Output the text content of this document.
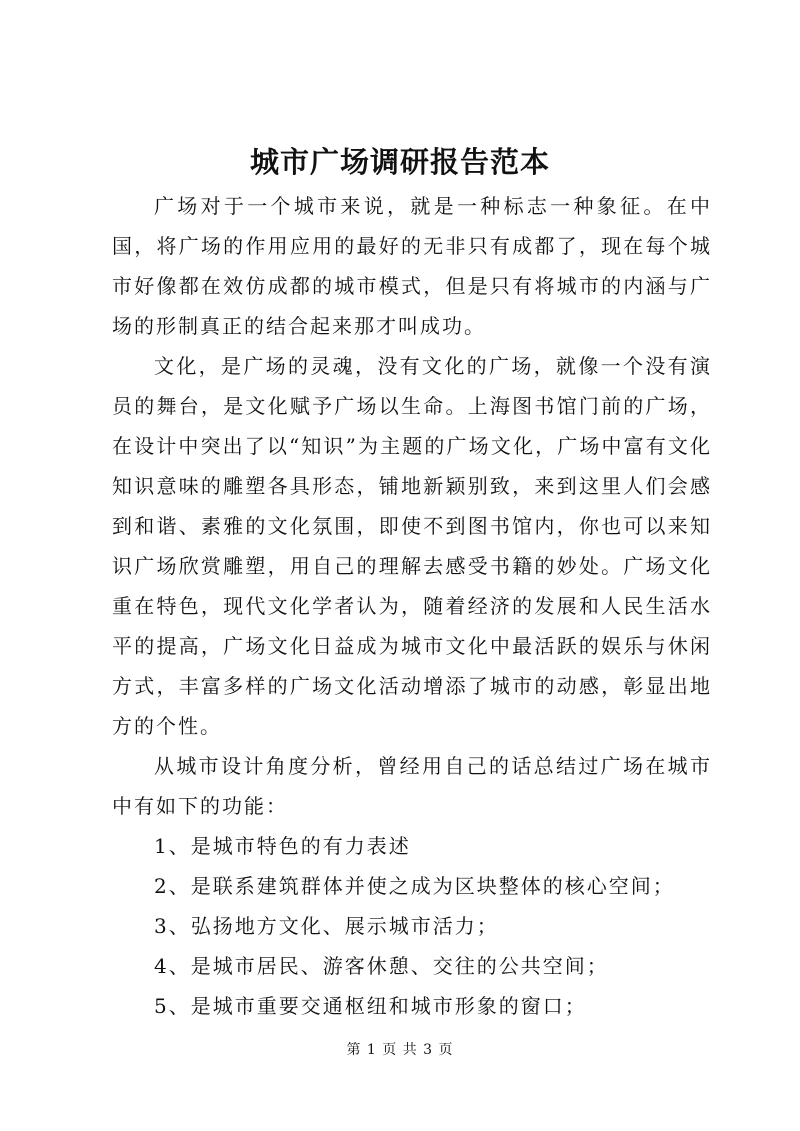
城市广场调研报告范本

广场对于一个城市来说，就是一种标志一种象征。在中国，将广场的作用应用的最好的无非只有成都了，现在每个城市好像都在效仿成都的城市模式，但是只有将城市的内涵与广场的形制真正的结合起来那才叫成功。

文化，是广场的灵魂，没有文化的广场，就像一个没有演员的舞台，是文化赋予广场以生命。上海图书馆门前的广场，在设计中突出了以“知识”为主题的广场文化，广场中富有文化知识意味的雕塑各具形态，铺地新颖别致，来到这里人们会感到和谐、素雅的文化氛围，即使不到图书馆内，你也可以来知识广场欣赏雕塑，用自己的理解去感受书籍的妙处。广场文化重在特色，现代文化学者认为，随着经济的发展和人民生活水平的提高，广场文化日益成为城市文化中最活跃的娱乐与休闲方式，丰富多样的广场文化活动增添了城市的动感，彰显出地方的个性。

从城市设计角度分析，曾经用自己的话总结过广场在城市中有如下的功能：

1、是城市特色的有力表述

2、是联系建筑群体并使之成为区块整体的核心空间；

3、弘扬地方文化、展示城市活力；

4、是城市居民、游客休憩、交往的公共空间；

5、是城市重要交通枢纽和城市形象的窗口；

第 1 页 共 3 页
